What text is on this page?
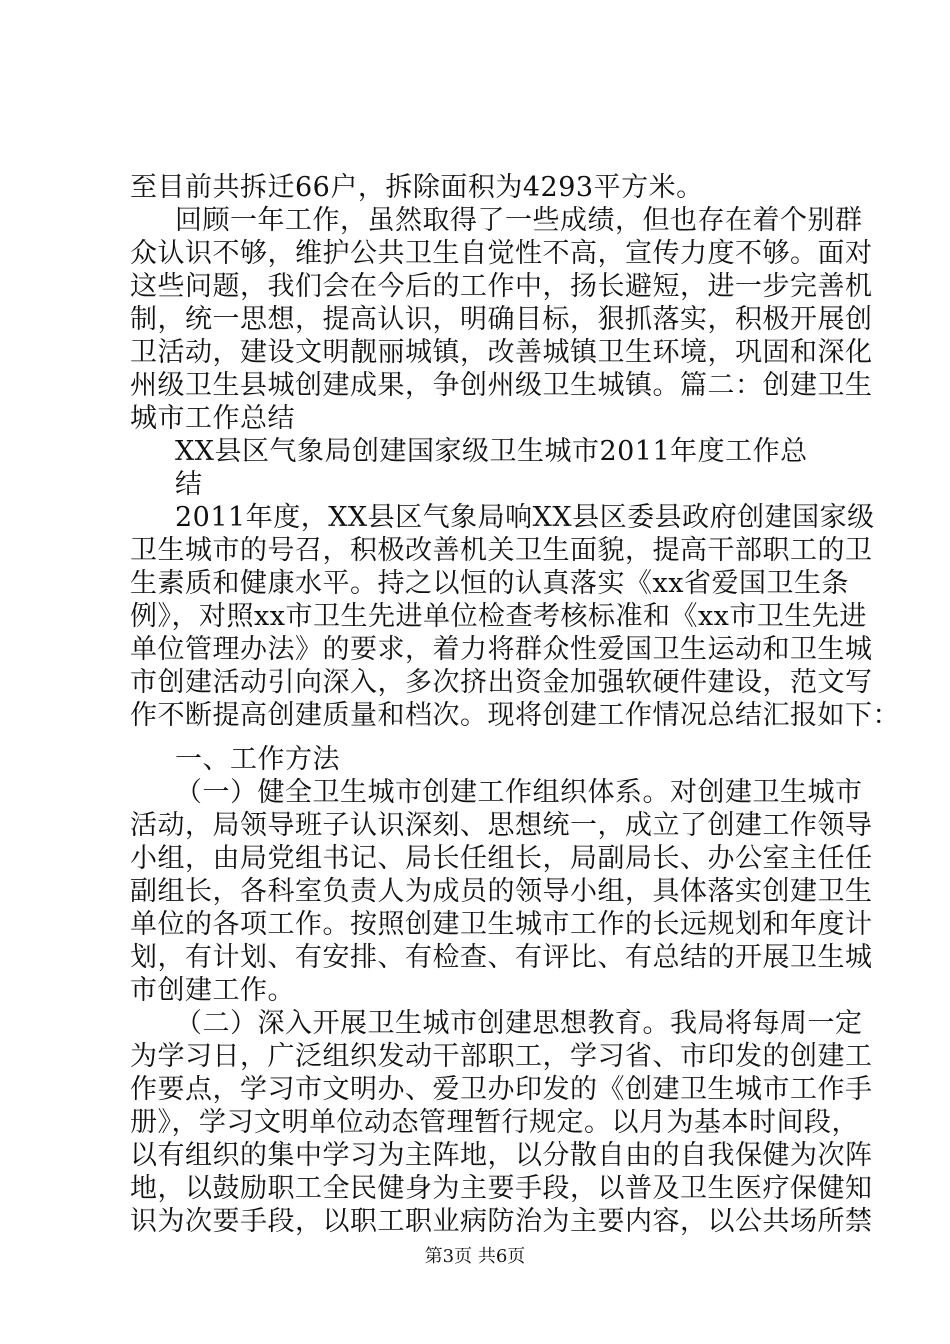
至目前共拆迁66户，拆除面积为4293平方米。

回顾一年工作，虽然取得了一些成绩，但也存在着个别群

众认识不够，维护公共卫生自觉性不高，宣传力度不够。面对

这些问题，我们会在今后的工作中，扬长避短，进一步完善机

制，统一思想，提高认识，明确目标，狠抓落实，积极开展创

卫活动，建设文明靓丽城镇，改善城镇卫生环境，巩固和深化

州级卫生县城创建成果，争创州级卫生城镇。篇二：创建卫生

城市工作总结

XX县区气象局创建国家级卫生城市2011年度工作总

结

2011年度，XX县区气象局响XX县区委县政府创建国家级

卫生城市的号召，积极改善机关卫生面貌，提高干部职工的卫

生素质和健康水平。持之以恒的认真落实《xx省爱国卫生条

例》，对照xx市卫生先进单位检查考核标准和《xx市卫生先进

单位管理办法》的要求，着力将群众性爱国卫生运动和卫生城

市创建活动引向深入，多次挤出资金加强软硬件建设，范文写

作不断提高创建质量和档次。现将创建工作情况总结汇报如下：

一、工作方法

（一）健全卫生城市创建工作组织体系。对创建卫生城市

活动，局领导班子认识深刻、思想统一，成立了创建工作领导

小组，由局党组书记、局长任组长，局副局长、办公室主任任

副组长，各科室负责人为成员的领导小组，具体落实创建卫生

单位的各项工作。按照创建卫生城市工作的长远规划和年度计

划，有计划、有安排、有检查、有评比、有总结的开展卫生城

市创建工作。

第3页 共6页

（二）深入开展卫生城市创建思想教育。我局将每周一定

为学习日，广泛组织发动干部职工，学习省、市印发的创建工

作要点，学习市文明办、爱卫办印发的《创建卫生城市工作手

册》，学习文明单位动态管理暂行规定。以月为基本时间段，

以有组织的集中学习为主阵地，以分散自由的自我保健为次阵

地，以鼓励职工全民健身为主要手段，以普及卫生医疗保健知

识为次要手段，以职工职业病防治为主要内容，以公共场所禁
